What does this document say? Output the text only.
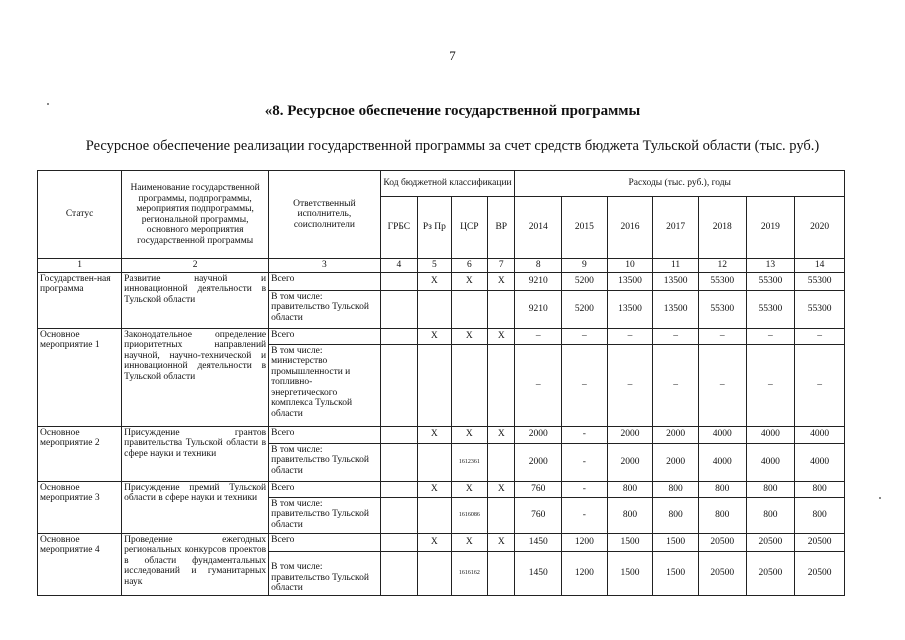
7
«8. Ресурсное обеспечение государственной программы
Ресурсное обеспечение реализации государственной программы за счет средств бюджета Тульской области (тыс. руб.)
Статус	Наименование государственной программы, подпрограммы, мероприятия подпрограммы, региональной программы, основного мероприятия государственной программы	Ответственный исполнитель, соисполнители	Код бюджетной классификации				Расходы (тыс. руб.), годы						
			ГРБС	Рз Пр	ЦСР	ВР	2014	2015	2016	2017	2018	2019	2020
1	2	3	4	5	6	7	8	9	10	11	12	13	14
Государствен-ная программа	Развитие научной и инновационной деятельности в Тульской области	Всего		X	X	X	9210	5200	13500	13500	55300	55300	55300
		В том числе: правительство Тульской области					9210	5200	13500	13500	55300	55300	55300
Основное мероприятие 1	Законодательное определение приоритетных направлений научной, научно-технической и инновационной деятельности в Тульской области	Всего		X	X	X	–	–	–	–	–	–	–
		В том числе: министерство промышленности и топливно-энергетического комплекса Тульской области					–	–	–	–	–	–	–
Основное мероприятие 2	Присуждение грантов правительства Тульской области в сфере науки и техники	Всего		X	X	X	2000	-	2000	2000	4000	4000	4000
		В том числе: правительство Тульской области			1612361		2000	-	2000	2000	4000	4000	4000
Основное мероприятие 3	Присуждение премий Тульской области в сфере науки и техники	Всего		X	X	X	760	-	800	800	800	800	800
		В том числе: правительство Тульской области			1616086		760	-	800	800	800	800	800
Основное мероприятие 4	Проведение ежегодных региональных конкурсов проектов в области фундаментальных исследований и гуманитарных наук	Всего		X	X	X	1450	1200	1500	1500	20500	20500	20500
		В том числе: правительство Тульской области			1616162		1450	1200	1500	1500	20500	20500	20500
